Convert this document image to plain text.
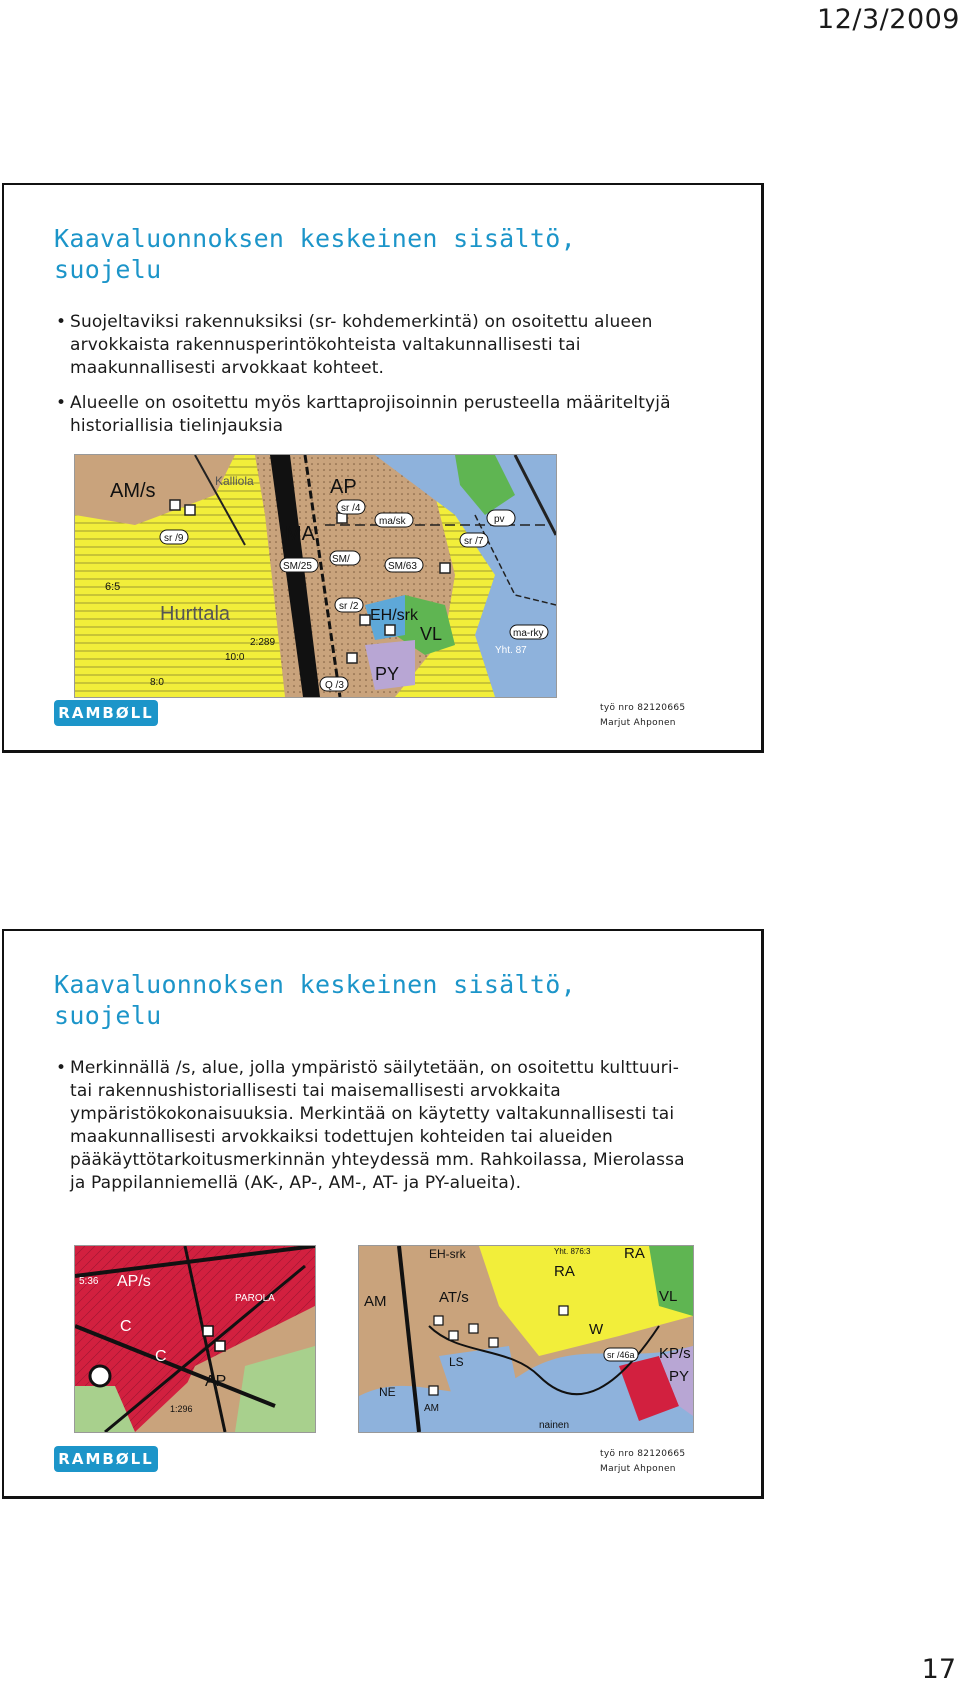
12/3/2009
Kaavaluonnoksen keskeinen sisältö,
suojelu
• Suojeltaviksi rakennuksiksi (sr- kohdemerkintä) on osoitettu alueen arvokkaista rakennusperintökohteista valtakunnallisesti tai maakunnallisesti arvokkaat kohteet.
• Alueelle on osoitettu myös karttaprojisoinnin perusteella määriteltyjä historiallisia tielinjauksia
AM/s	AP
MA
Hurttala	EH/srk
VL
PY
Kalliola
6:5
2:289
10:0
8:0
Yht. 87
sr /4
ma/sk
sr /7
pv
sr /9
SM/25
SM/
SM/63
sr /2
ma-rky
Q /3
RAMBØLL	työ nro 82120665
Marjut Ahponen
Kaavaluonnoksen keskeinen sisältö,
suojelu
• Merkinnällä /s, alue, jolla ympäristö säilytetään, on osoitettu kulttuuri- tai rakennushistoriallisesti tai maisemallisesti arvokkaita ympäristökokonaisuuksia. Merkintää on käytetty valtakunnallisesti tai maakunnallisesti arvokkaiksi todettujen kohteiden tai alueiden pääkäyttötarkoitusmerkinnän yhteydessä mm. Rahkoilassa, Mierolassa ja Pappilanniemellä (AK-, AP-, AM-, AT- ja PY-alueita).
AP/s
C
C
AP
PAROLA
5:36
1:296
EH-srk
RA
RA
AT/s
AM
W
VL
LS	KP/s
PY
NE
AM
nainen
Yht. 876:3
sr /46a
RAMBØLL	työ nro 82120665
Marjut Ahponen
17
